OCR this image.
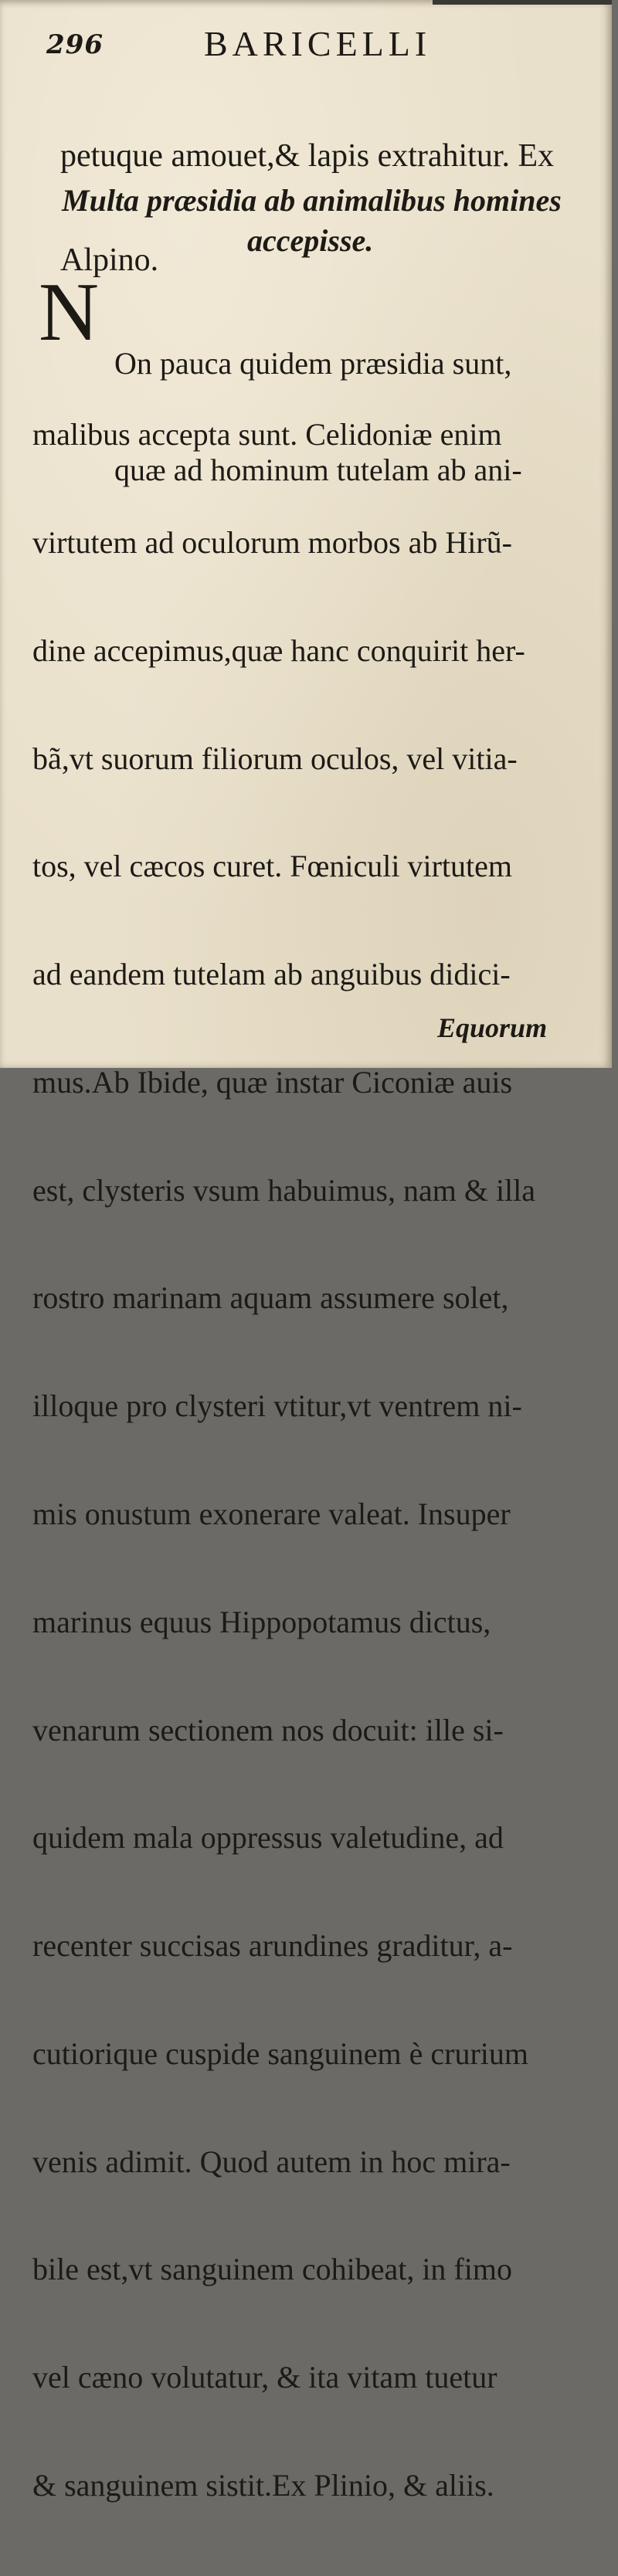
296	BARICELLI

petuque amouet,& lapis extrahitur. Ex

Alpino.

Multa præsidia ab animalibus homines
accepisse.
N

On pauca quidem præsidia sunt,

quæ ad hominum tutelam ab ani-

malibus accepta sunt. Celidoniæ enim

virtutem ad oculorum morbos ab Hirũ-

dine accepimus,quæ hanc conquirit her-

bã,vt suorum filiorum oculos, vel vitia-

tos, vel cæcos curet. Fœniculi virtutem

ad eandem tutelam ab anguibus didici-

mus.Ab Ibide, quæ instar Ciconiæ auis

est, clysteris vsum habuimus, nam & illa

rostro marinam aquam assumere solet,

illoque pro clysteri vtitur,vt ventrem ni-

mis onustum exonerare valeat. Insuper

marinus equus Hippopotamus dictus,

venarum sectionem nos docuit: ille si-

quidem mala oppressus valetudine, ad

recenter succisas arundines graditur, a-

cutiorique cuspide sanguinem è crurium

venis adimit. Quod autem in hoc mira-

bile est,vt sanguinem cohibeat, in fimo

vel cæno volutatur, & ita vitam tuetur

& sanguinem sistit.Ex Plinio, & aliis.

Equorum
